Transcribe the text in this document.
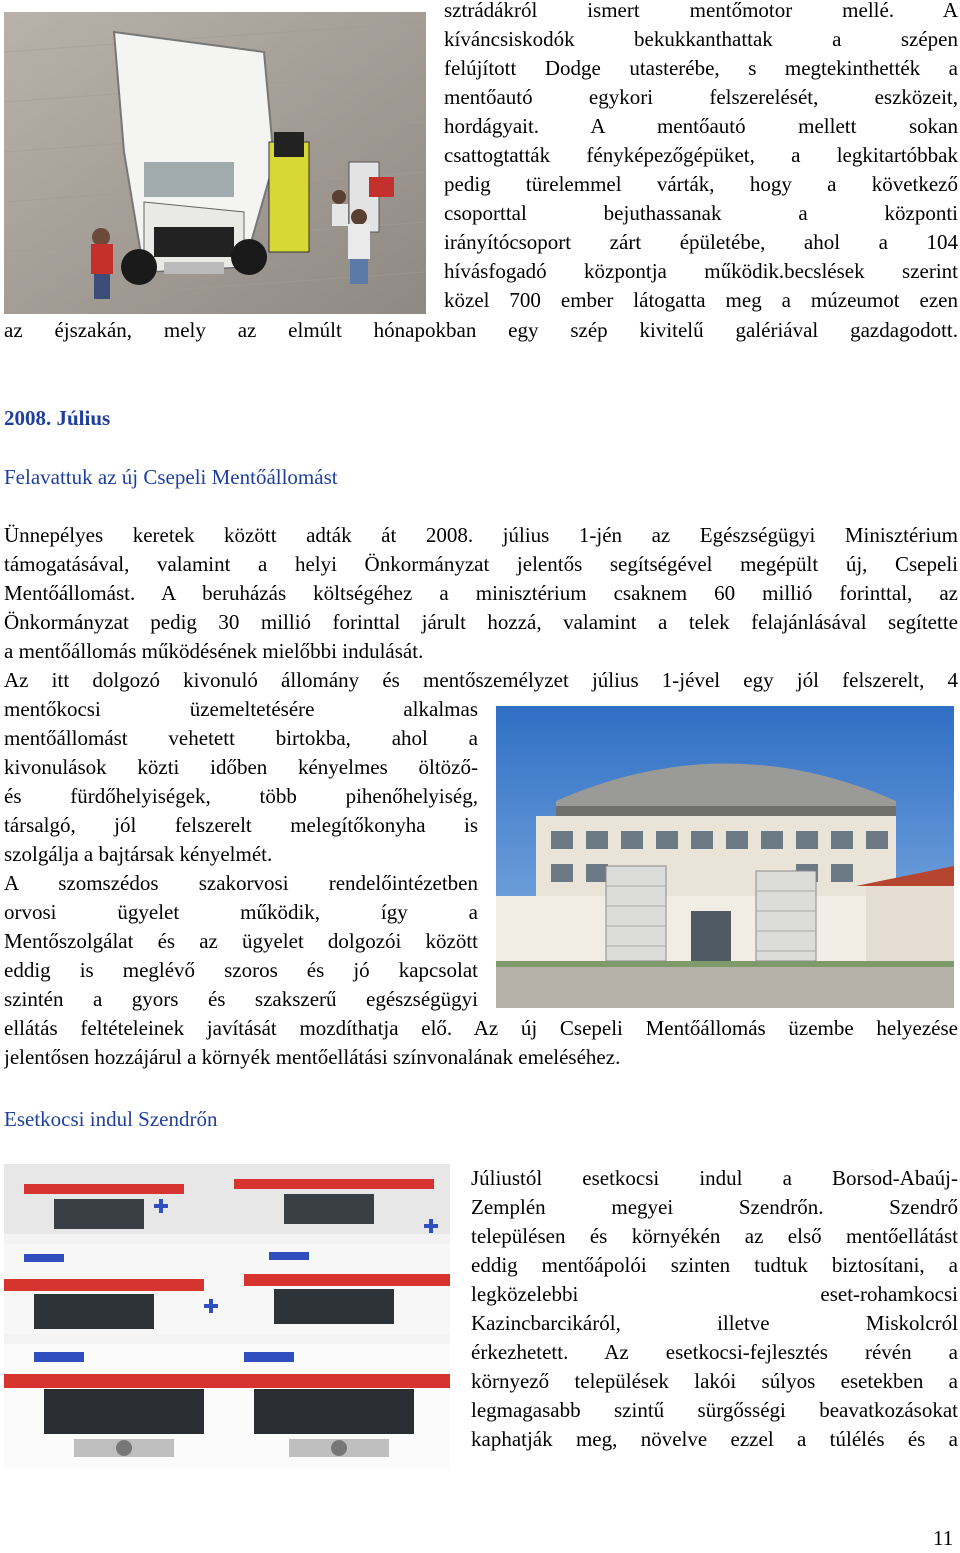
sztrádákról ismert mentőmotor mellé. A
kíváncsiskodók bekukkanthattak a szépen
felújított Dodge utasterébe, s megtekinthették a
mentőautó egykori felszerelését, eszközeit,
hordágyait. A mentőautó mellett sokan
csattogtatták fényképezőgépüket, a legkitartóbbak
pedig türelemmel várták, hogy a következő
csoporttal bejuthassanak a központi
irányítócsoport zárt épületébe, ahol a 104
hívásfogadó központja működik.becslések szerint
közel 700 ember látogatta meg a múzeumot ezen
az éjszakán, mely az elmúlt hónapokban egy szép kivitelű galériával gazdagodott.
2008. Július
Felavattuk az új Csepeli Mentőállomást
Ünnepélyes keretek között adták át 2008. július 1-jén az Egészségügyi Minisztérium
támogatásával, valamint a helyi Önkormányzat jelentős segítségével megépült új, Csepeli
Mentőállomást. A beruházás költségéhez a minisztérium csaknem 60 millió forinttal, az
Önkormányzat pedig 30 millió forinttal járult hozzá, valamint a telek felajánlásával segítette
a mentőállomás működésének mielőbbi indulását.
Az itt dolgozó kivonuló állomány és mentőszemélyzet július 1-jével egy jól felszerelt, 4
mentőkocsi üzemeltetésére alkalmas
mentőállomást vehetett birtokba, ahol a
kivonulások közti időben kényelmes öltöző-
és fürdőhelyiségek, több pihenőhelyiség,
társalgó, jól felszerelt melegítőkonyha is
szolgálja a bajtársak kényelmét.
A szomszédos szakorvosi rendelőintézetben
orvosi ügyelet működik, így a
Mentőszolgálat és az ügyelet dolgozói között
eddig is meglévő szoros és jó kapcsolat
szintén a gyors és szakszerű egészségügyi
ellátás feltételeinek javítását mozdíthatja elő. Az új Csepeli Mentőállomás üzembe helyezése
jelentősen hozzájárul a környék mentőellátási színvonalának emeléséhez.
Esetkocsi indul Szendrőn
Júliustól esetkocsi indul a Borsod-Abaúj-
Zemplén megyei Szendrőn. Szendrő
településen és környékén az első mentőellátást
eddig mentőápolói szinten tudtuk biztosítani, a
legközelebbi eset-rohamkocsi
Kazincbarcikáról, illetve Miskolcról
érkezhetett. Az esetkocsi-fejlesztés révén a
környező települések lakói súlyos esetekben a
legmagasabb szintű sürgősségi beavatkozásokat
kaphatják meg, növelve ezzel a túlélés és a
11
